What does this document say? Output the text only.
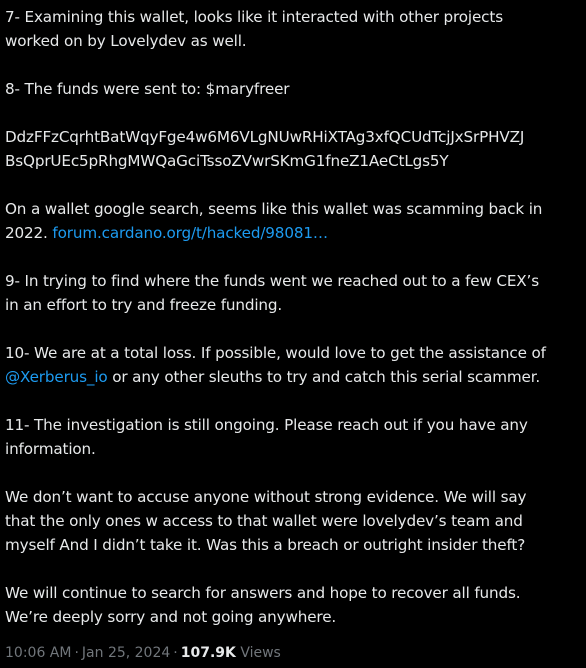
7- Examining this wallet, looks like it interacted with other projects
worked on by Lovelydev as well.
8- The funds were sent to: $maryfreer
DdzFFzCqrhtBatWqyFge4w6M6VLgNUwRHiXTAg3xfQCUdTcjJxSrPHVZJ
BsQprUEc5pRhgMWQaGciTssoZVwrSKmG1fneZ1AeCtLgs5Y
On a wallet google search, seems like this wallet was scamming back in
2022. forum.cardano.org/t/hacked/98081…
9- In trying to find where the funds went we reached out to a few CEX’s
in an effort to try and freeze funding.
10- We are at a total loss. If possible, would love to get the assistance of
@Xerberus_io or any other sleuths to try and catch this serial scammer.
11- The investigation is still ongoing. Please reach out if you have any
information.
We don’t want to accuse anyone without strong evidence. We will say
that the only ones w access to that wallet were lovelydev’s team and
myself And I didn’t take it. Was this a breach or outright insider theft?
We will continue to search for answers and hope to recover all funds.
We’re deeply sorry and not going anywhere.
10:06 AM · Jan 25, 2024 · 107.9K Views
